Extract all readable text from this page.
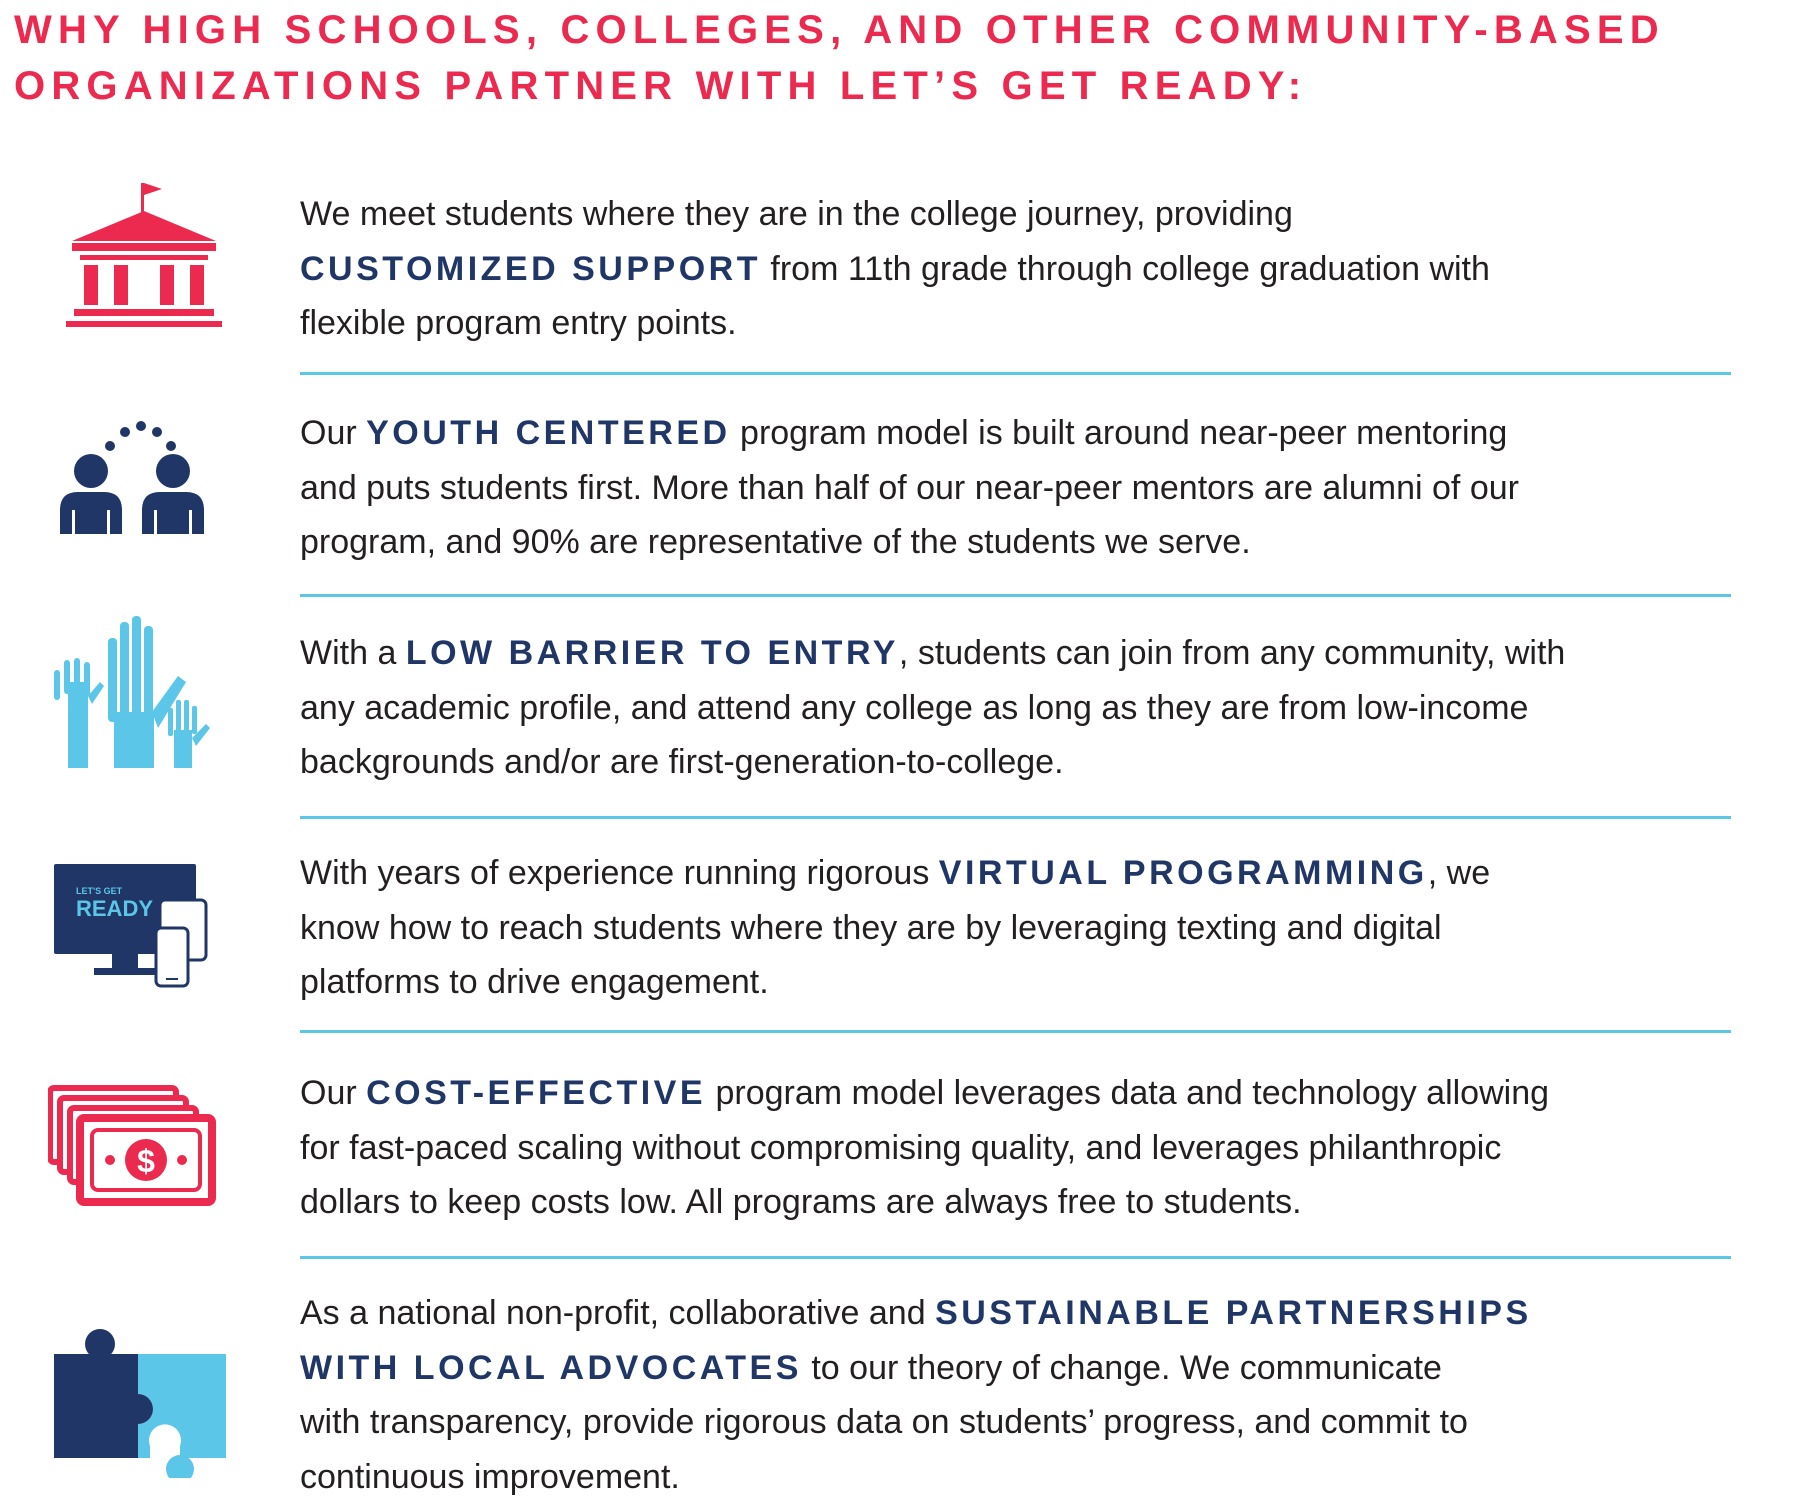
WHY HIGH SCHOOLS, COLLEGES, AND OTHER COMMUNITY-BASED
ORGANIZATIONS PARTNER WITH LET’S GET READY:

We meet students where they are in the college journey, providing
CUSTOMIZED SUPPORT from 11th grade through college graduation with
flexible program entry points.

Our YOUTH CENTERED program model is built around near-peer mentoring
and puts students first. More than half of our near-peer mentors are alumni of our
program, and 90% are representative of the students we serve.

With a LOW BARRIER TO ENTRY, students can join from any community, with
any academic profile, and attend any college as long as they are from low-income
backgrounds and/or are first-generation-to-college.

LET'S GET
READY

With years of experience running rigorous VIRTUAL PROGRAMMING, we
know how to reach students where they are by leveraging texting and digital
platforms to drive engagement.

$

Our COST-EFFECTIVE program model leverages data and technology allowing
for fast-paced scaling without compromising quality, and leverages philanthropic
dollars to keep costs low. All programs are always free to students.

As a national non-profit, collaborative and SUSTAINABLE PARTNERSHIPS
WITH LOCAL ADVOCATES to our theory of change. We communicate
with transparency, provide rigorous data on students’ progress, and commit to
continuous improvement.
